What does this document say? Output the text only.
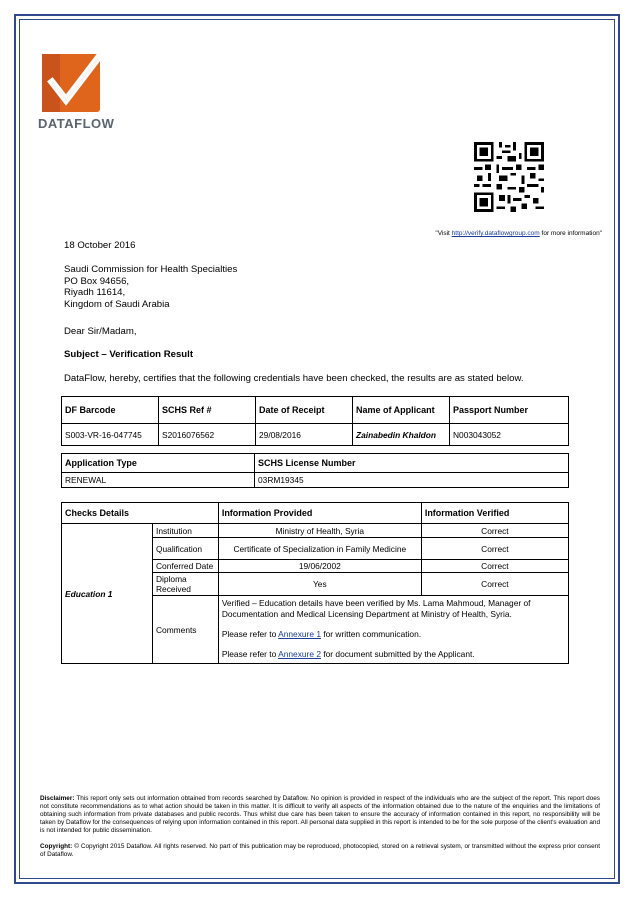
DATAFLOW
"Visit http://verify.dataflowgroup.com for more information"
18 October 2016
Saudi Commission for Health Specialties
PO Box 94656,
Riyadh 11614,
Kingdom of Saudi Arabia
Dear Sir/Madam,
Subject – Verification Result
DataFlow, hereby, certifies that the following credentials have been checked, the results are as stated below.
DF Barcode	SCHS Ref #	Date of Receipt	Name of Applicant	Passport Number
S003-VR-16-047745	S2016076562	29/08/2016	Zainabedin Khaldon	N003043052
Application Type	SCHS License Number
RENEWAL	03RM19345
Checks Details		Information Provided	Information Verified
Education 1	Institution	Ministry of Health, Syria	Correct
	Qualification	Certificate of Specialization in Family Medicine	Correct
	Conferred Date	19/06/2002	Correct
	Diploma Received	Yes	Correct
	Comments	Verified – Education details have been verified by Ms. Lama Mahmoud, Manager of Documentation and Medical Licensing Department at Ministry of Health, Syria.
Please refer to Annexure 1 for written communication.
Please refer to Annexure 2 for document submitted by the Applicant.	

Disclaimer: This report only sets out information obtained from records searched by Dataflow. No opinion is provided in respect of the individuals who are the subject of the report. This report does not constitute recommendations as to what action should be taken in this matter. It is difficult to verify all aspects of the information obtained due to the nature of the enquiries and the limitations of obtaining such information from private databases and public records. Thus whilst due care has been taken to ensure the accuracy of information contained in this report, no responsibility will be taken by Dataflow for the consequences of relying upon information contained in this report. All personal data supplied in this report is intended to be for the sole purpose of the client's evaluation and is not intended for public dissemination.

Copyright: © Copyright 2015 Dataflow. All rights reserved. No part of this publication may be reproduced, photocopied, stored on a retrieval system, or transmitted without the express prior consent of Dataflow.
